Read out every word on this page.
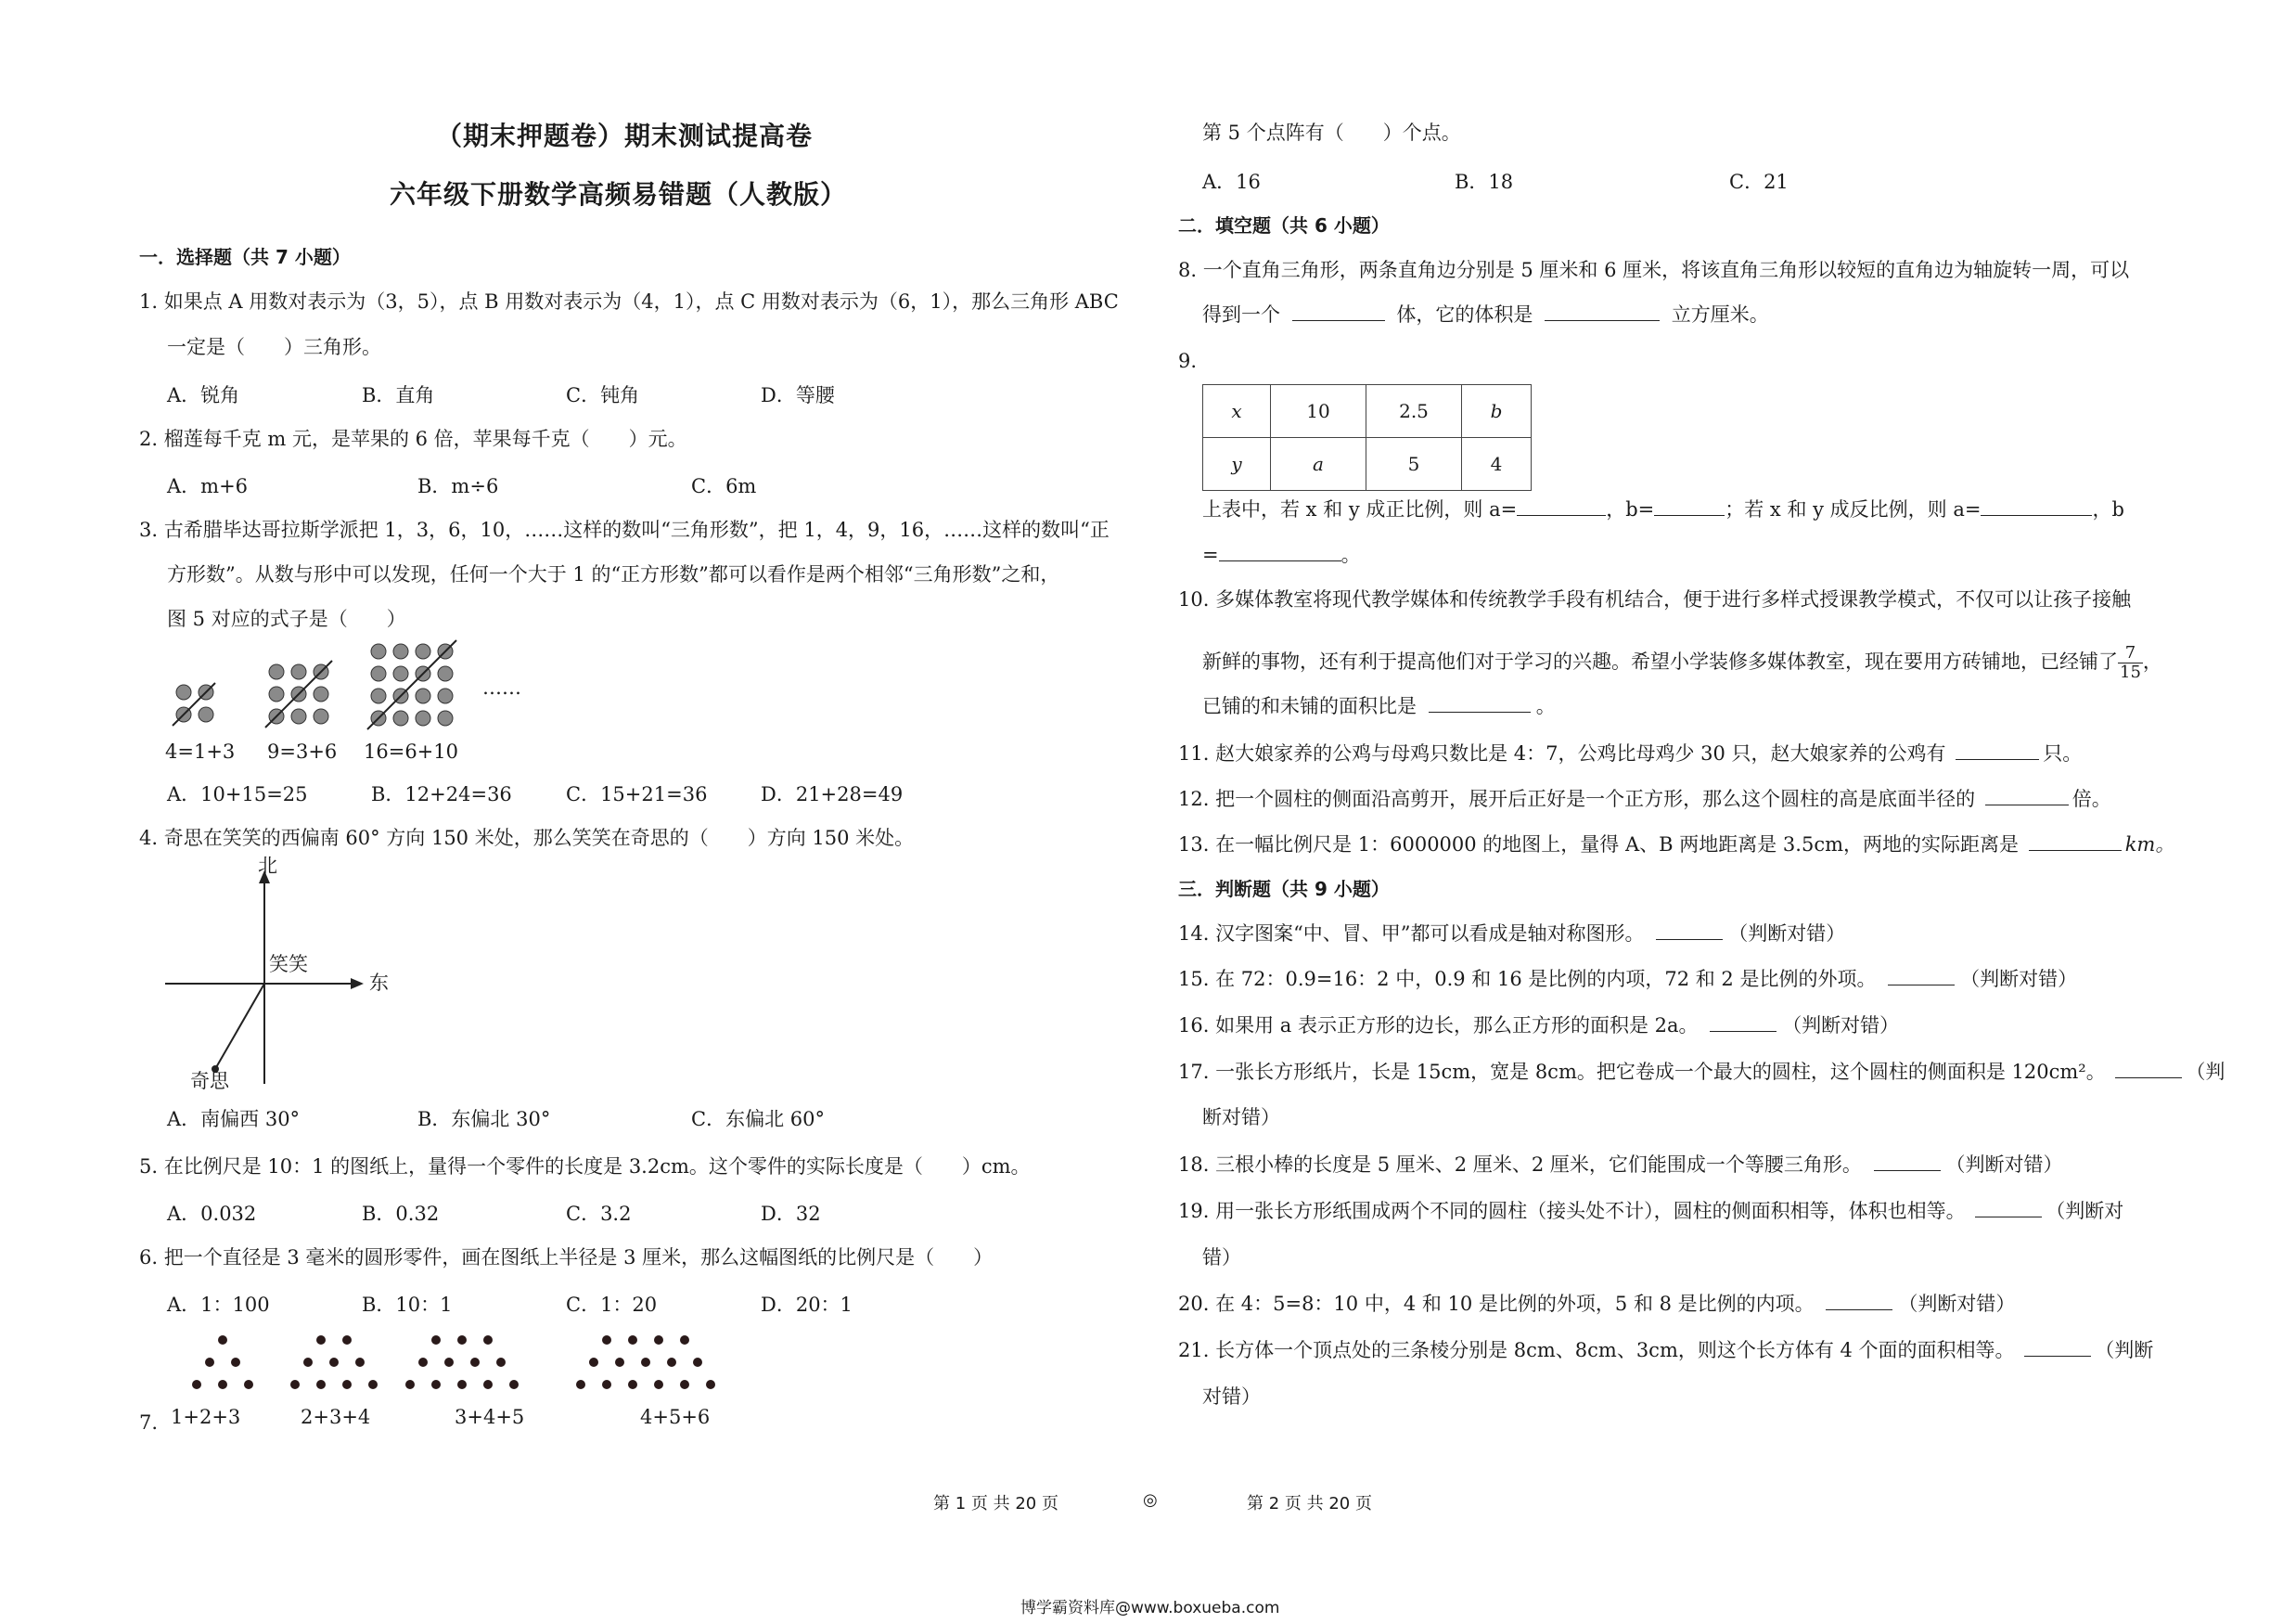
（期末押题卷）期末测试提高卷
六年级下册数学高频易错题（人教版）
一．选择题（共 7 小题）
1. 如果点 A 用数对表示为（3，5），点 B 用数对表示为（4，1），点 C 用数对表示为（6，1），那么三角形 ABC
一定是（　　）三角形。
A．锐角	B．直角	C．钝角	D．等腰
2. 榴莲每千克 m 元，是苹果的 6 倍，苹果每千克（　　）元。
A．m+6	B．m÷6	C．6m
3. 古希腊毕达哥拉斯学派把 1，3，6，10，……这样的数叫“三角形数”，把 1，4，9，16，……这样的数叫“正
方形数”。从数与形中可以发现，任何一个大于 1 的“正方形数”都可以看作是两个相邻“三角形数”之和，
图 5 对应的式子是（　　）
……
4=1+3 9=3+6 16=6+10
A．10+15=25	B．12+24=36	C．15+21=36	D．21+28=49
4. 奇思在笑笑的西偏南 60° 方向 150 米处，那么笑笑在奇思的（　　）方向 150 米处。
北
东
笑笑
奇思
A．南偏西 30°	B．东偏北 30°	C．东偏北 60°
5. 在比例尺是 10：1 的图纸上，量得一个零件的长度是 3.2cm。这个零件的实际长度是（　　）cm。
A．0.032	B．0.32	C．3.2	D．32
6. 把一个直径是 3 毫米的圆形零件，画在图纸上半径是 3 厘米，那么这幅图纸的比例尺是（　　）
A．1：100	B．10：1	C．1：20	D．20：1
7. 1+2+3	2+3+4	3+4+5	4+5+6
第 5 个点阵有（　　）个点。
A．16	B．18	C．21
二．填空题（共 6 小题）
8. 一个直角三角形，两条直角边分别是 5 厘米和 6 厘米，将该直角三角形以较短的直角边为轴旋转一周，可以
得到一个	体，它的体积是	立方厘米。
9.
x	10	2.5	b
y	a	5	4
上表中，若 x 和 y 成正比例，则 a=	，b=	；若 x 和 y 成反比例，则 a=	，b
=	。
10. 多媒体教室将现代教学媒体和传统教学手段有机结合，便于进行多样式授课教学模式，不仅可以让孩子接触
新鲜的事物，还有利于提高他们对于学习的兴趣。希望小学装修多媒体教室，现在要用方砖铺地，已经铺了 $\frac{7}{15}$ ，
已铺的和未铺的面积比是	。
11. 赵大娘家养的公鸡与母鸡只数比是 4：7，公鸡比母鸡少 30 只，赵大娘家养的公鸡有	只。
12. 把一个圆柱的侧面沿高剪开，展开后正好是一个正方形，那么这个圆柱的高是底面半径的	倍。
13. 在一幅比例尺是 1：6000000 的地图上，量得 A、B 两地距离是 3.5cm，两地的实际距离是	km。
三．判断题（共 9 小题）
14. 汉字图案“中、冒、甲”都可以看成是轴对称图形。	（判断对错）
15. 在 72：0.9=16：2 中，0.9 和 16 是比例的内项，72 和 2 是比例的外项。	（判断对错）
16. 如果用 a 表示正方形的边长，那么正方形的面积是 2a。	（判断对错）
17. 一张长方形纸片，长是 15cm，宽是 8cm。把它卷成一个最大的圆柱，这个圆柱的侧面积是 120cm²。	（判
断对错）
18. 三根小棒的长度是 5 厘米、2 厘米、2 厘米，它们能围成一个等腰三角形。	（判断对错）
19. 用一张长方形纸围成两个不同的圆柱（接头处不计），圆柱的侧面积相等，体积也相等。	（判断对
错）
20. 在 4：5=8：10 中，4 和 10 是比例的外项，5 和 8 是比例的内项。	（判断对错）
21. 长方体一个顶点处的三条棱分别是 8cm、8cm、3cm，则这个长方体有 4 个面的面积相等。	（判断
对错）
第 1 页 共 20 页	◎	第 2 页 共 20 页
博学霸资料库@www.boxueba.com
